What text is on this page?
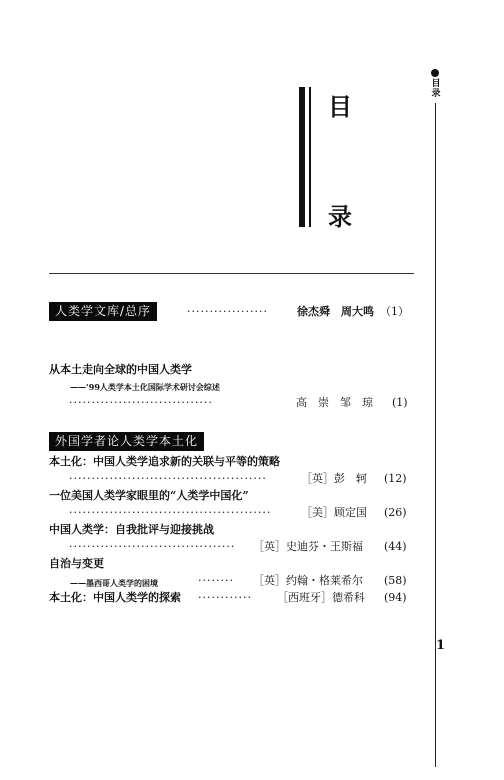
目录
1
目
录
人类学文库/总序	··················	徐杰舜　周大鸣 （1）
从本土走向全球的中国人类学
——’99人类学本土化国际学术研讨会综述
································	高　崇　邹　琼 (1)
外国学者论人类学本土化
本土化：中国人类学追求新的关联与平等的策略
············································	［英］彭　轲 (12)
一位美国人类学家眼里的“人类学中国化”
·············································	［美］顾定国 (26)
中国人类学：自我批评与迎接挑战
····································· ［英］史迪芬・王斯福 (44)
自治与变更
——墨西哥人类学的困境	········ ［英］约翰・格莱希尔 (58)
本土化：中国人类学的探索 ············ ［西班牙］德希科 (94)
